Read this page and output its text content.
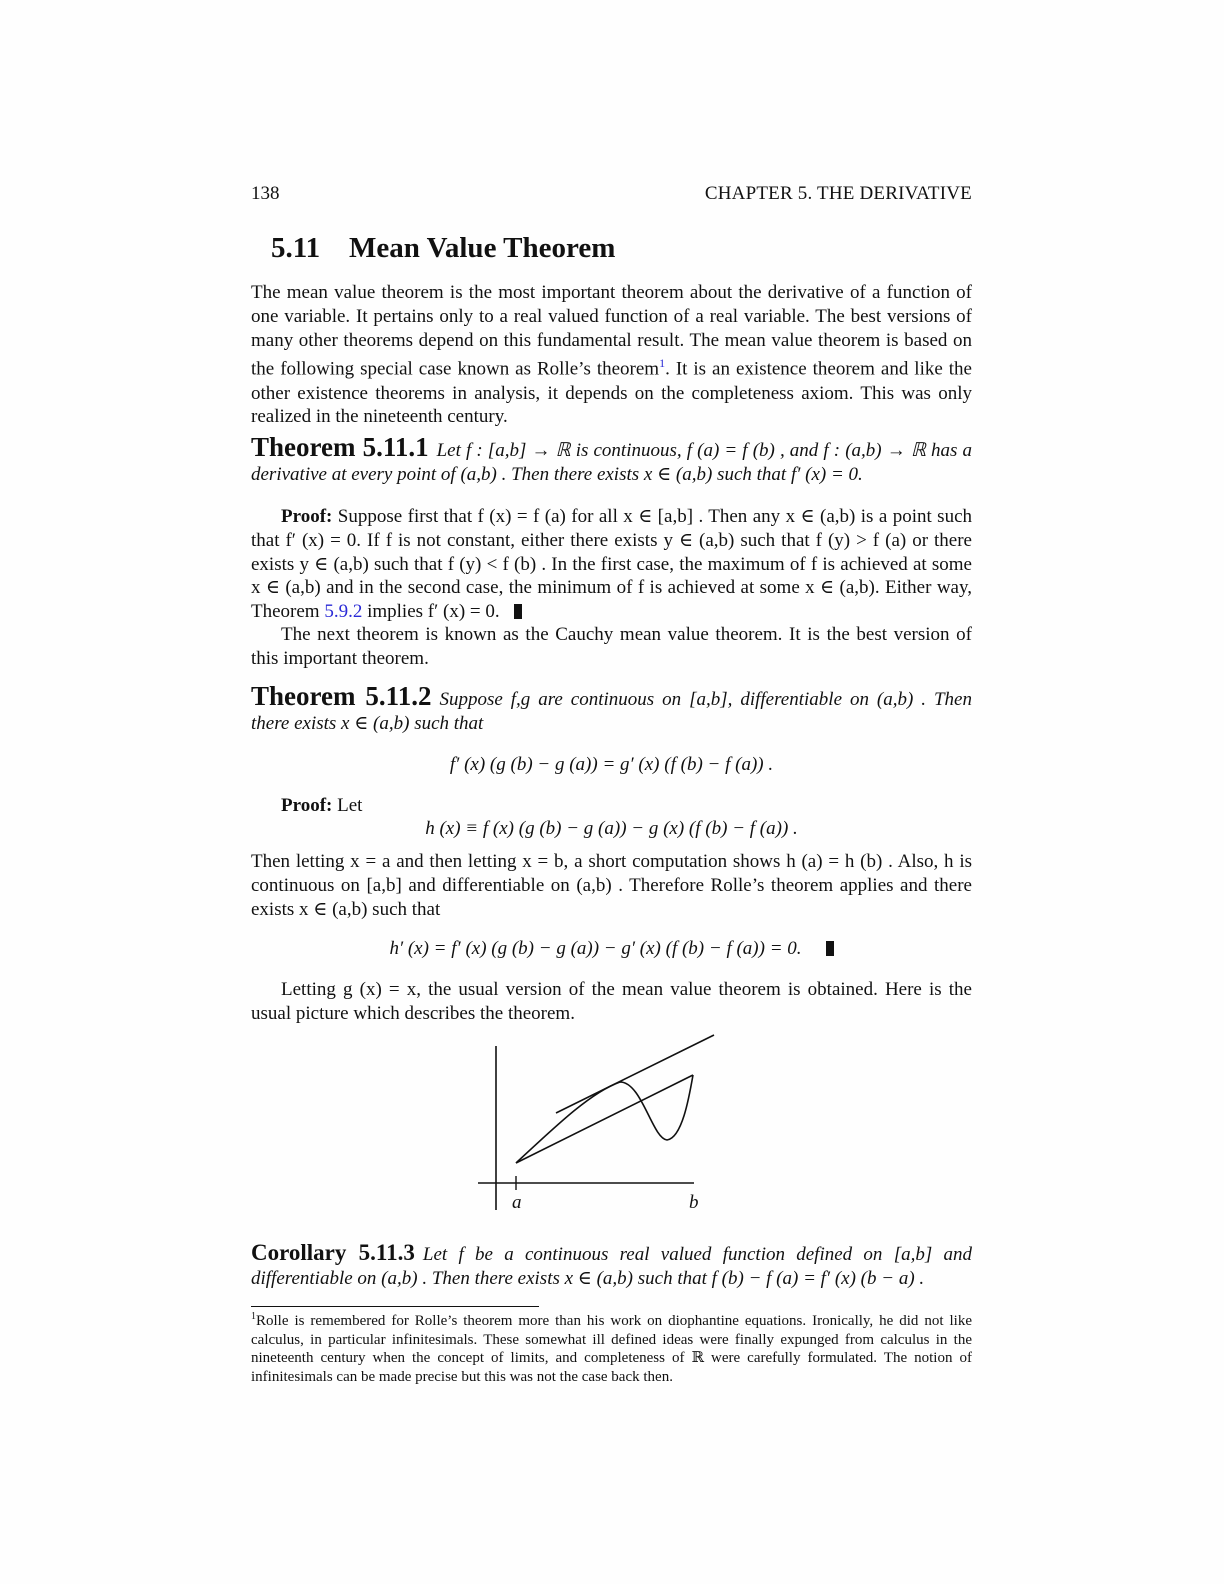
138	CHAPTER 5. THE DERIVATIVE
5.11 Mean Value Theorem

The mean value theorem is the most important theorem about the derivative of a function of one variable. It pertains only to a real valued function of a real variable. The best versions of many other theorems depend on this fundamental result. The mean value theorem is based on the following special case known as Rolle’s theorem$^1$. It is an existence theorem and like the other existence theorems in analysis, it depends on the completeness axiom. This was only realized in the nineteenth century.

Theorem 5.11.1 Let f : [a,b] → ℝ is continuous, f (a) = f (b) , and f : (a,b) → ℝ has a derivative at every point of (a,b) . Then there exists x ∈ (a,b) such that f′ (x) = 0.

Proof: Suppose first that f (x) = f (a) for all x ∈ [a,b] . Then any x ∈ (a,b) is a point such that f′ (x) = 0. If f is not constant, either there exists y ∈ (a,b) such that f (y) > f (a) or there exists y ∈ (a,b) such that f (y) < f (b) . In the first case, the maximum of f is achieved at some x ∈ (a,b) and in the second case, the minimum of f is achieved at some x ∈ (a,b). Either way, Theorem 5.9.2 implies f′ (x) = 0.

The next theorem is known as the Cauchy mean value theorem. It is the best version of this important theorem.

Theorem 5.11.2 Suppose f,g are continuous on [a,b], differentiable on (a,b) . Then there exists x ∈ (a,b) such that

f′ (x) (g (b) − g (a)) = g′ (x) (f (b) − f (a)) .

Proof: Let

h (x) ≡ f (x) (g (b) − g (a)) − g (x) (f (b) − f (a)) .

Then letting x = a and then letting x = b, a short computation shows h (a) = h (b) . Also, h is continuous on [a,b] and differentiable on (a,b) . Therefore Rolle’s theorem applies and there exists x ∈ (a,b) such that

h′ (x) = f′ (x) (g (b) − g (a)) − g′ (x) (f (b) − f (a)) = 0.

Letting g (x) = x, the usual version of the mean value theorem is obtained. Here is the usual picture which describes the theorem.

a	b

Corollary 5.11.3 Let f be a continuous real valued function defined on [a,b] and differentiable on (a,b) . Then there exists x ∈ (a,b) such that f (b) − f (a) = f′ (x) (b − a) .

$^1$Rolle is remembered for Rolle’s theorem more than his work on diophantine equations. Ironically, he did not like calculus, in particular infinitesimals. These somewhat ill defined ideas were finally expunged from calculus in the nineteenth century when the concept of limits, and completeness of ℝ were carefully formulated. The notion of infinitesimals can be made precise but this was not the case back then.
